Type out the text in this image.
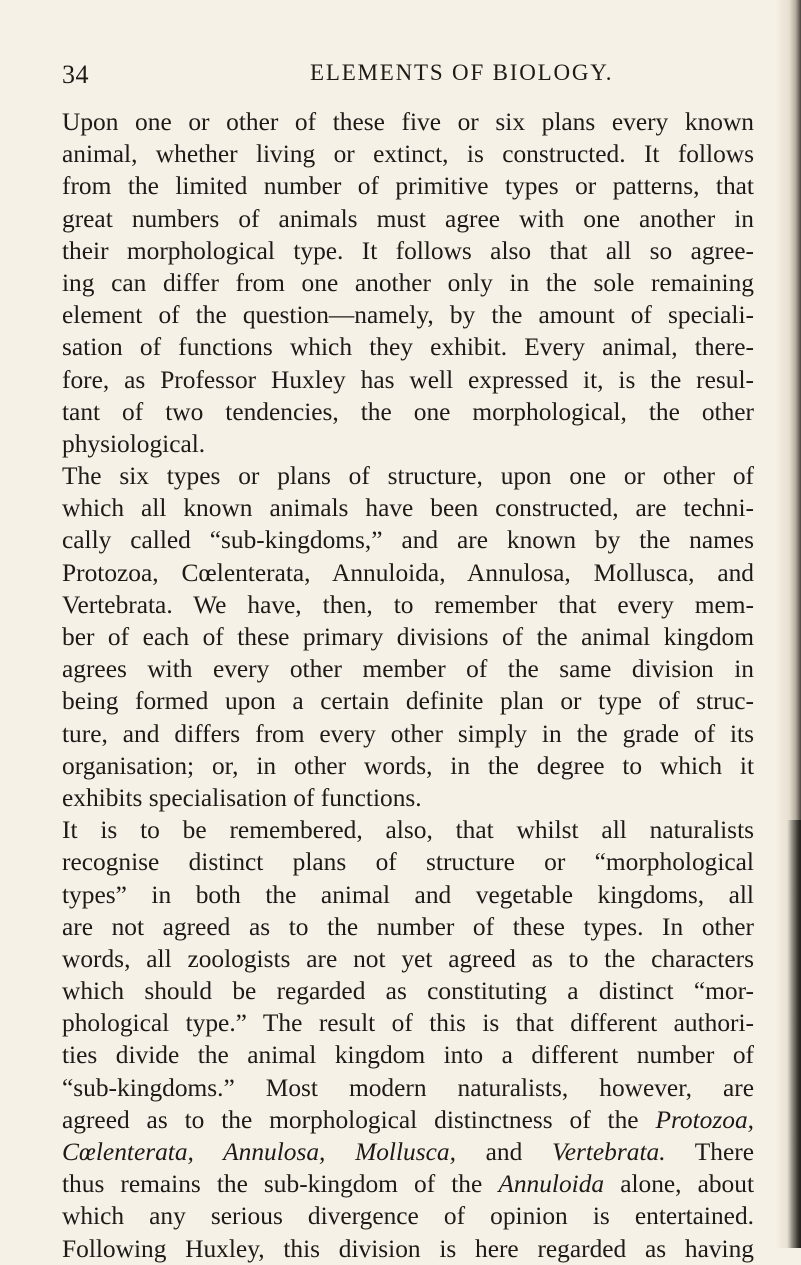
34	ELEMENTS OF BIOLOGY.
Upon one or other of these five or six plans every known
animal, whether living or extinct, is constructed. It follows
from the limited number of primitive types or patterns, that
great numbers of animals must agree with one another in
their morphological type. It follows also that all so agree-
ing can differ from one another only in the sole remaining
element of the question—namely, by the amount of speciali-
sation of functions which they exhibit. Every animal, there-
fore, as Professor Huxley has well expressed it, is the resul-
tant of two tendencies, the one morphological, the other
physiological.
The six types or plans of structure, upon one or other of
which all known animals have been constructed, are techni-
cally called “sub-kingdoms,” and are known by the names
Protozoa, Cœlenterata, Annuloida, Annulosa, Mollusca, and
Vertebrata. We have, then, to remember that every mem-
ber of each of these primary divisions of the animal kingdom
agrees with every other member of the same division in
being formed upon a certain definite plan or type of struc-
ture, and differs from every other simply in the grade of its
organisation; or, in other words, in the degree to which it
exhibits specialisation of functions.
It is to be remembered, also, that whilst all naturalists
recognise distinct plans of structure or “morphological
types” in both the animal and vegetable kingdoms, all
are not agreed as to the number of these types. In other
words, all zoologists are not yet agreed as to the characters
which should be regarded as constituting a distinct “mor-
phological type.” The result of this is that different authori-
ties divide the animal kingdom into a different number of
“sub-kingdoms.” Most modern naturalists, however, are
agreed as to the morphological distinctness of the Protozoa,
Cœlenterata, Annulosa, Mollusca, and Vertebrata. There
thus remains the sub-kingdom of the Annuloida alone, about
which any serious divergence of opinion is entertained.
Following Huxley, this division is here regarded as having
